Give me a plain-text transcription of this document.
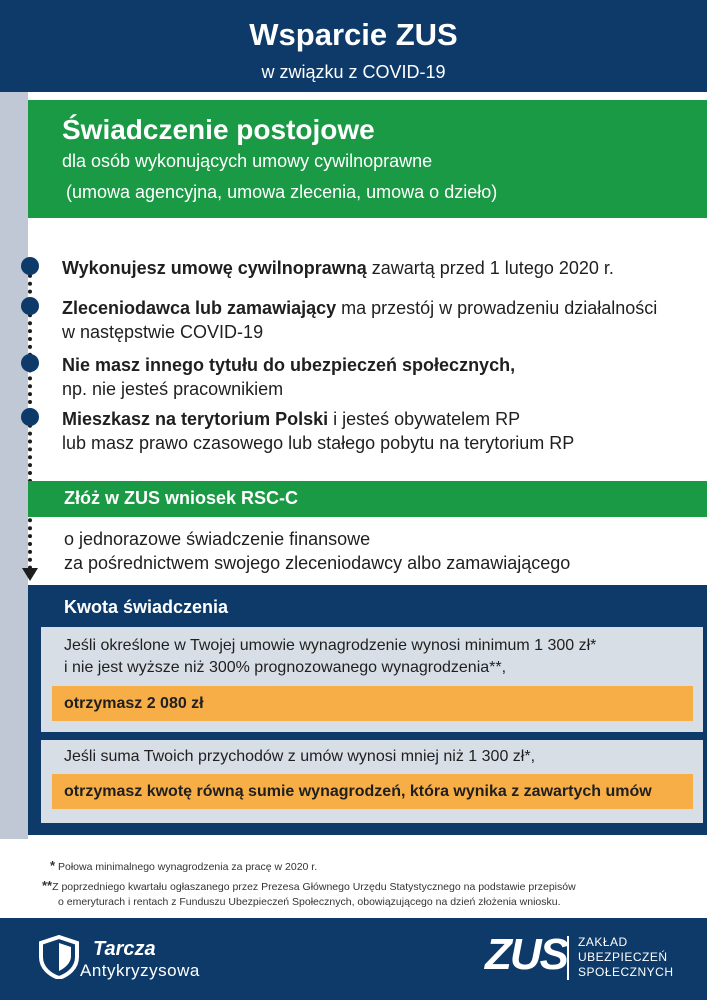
Wsparcie ZUS
w związku z COVID-19
Świadczenie postojowe
dla osób wykonujących umowy cywilnoprawne
(umowa agencyjna, umowa zlecenia, umowa o dzieło)
Wykonujesz umowę cywilnoprawną zawartą przed 1 lutego 2020 r.
Zleceniodawca lub zamawiający ma przestój w prowadzeniu działalności
w następstwie COVID-19
Nie masz innego tytułu do ubezpieczeń społecznych,
np. nie jesteś pracownikiem
Mieszkasz na terytorium Polski i jesteś obywatelem RP
lub masz prawo czasowego lub stałego pobytu na terytorium RP
Złóż w ZUS wniosek RSC-C
o jednorazowe świadczenie finansowe
za pośrednictwem swojego zleceniodawcy albo zamawiającego
Kwota świadczenia
Jeśli określone w Twojej umowie wynagrodzenie wynosi minimum 1 300 zł*
i nie jest wyższe niż 300% prognozowanego wynagrodzenia**,
otrzymasz 2 080 zł
Jeśli suma Twoich przychodów z umów wynosi mniej niż 1 300 zł*,
otrzymasz kwotę równą sumie wynagrodzeń, która wynika z zawartych umów
* Połowa minimalnego wynagrodzenia za pracę w 2020 r.
**Z poprzedniego kwartału ogłaszanego przez Prezesa Głównego Urzędu Statystycznego na podstawie przepisów
o emeryturach i rentach z Funduszu Ubezpieczeń Społecznych, obowiązującego na dzień złożenia wniosku.
Tarcza
Antykryzysowa	ZUS ZAKŁAD
UBEZPIECZEŃ
SPOŁECZNYCH
